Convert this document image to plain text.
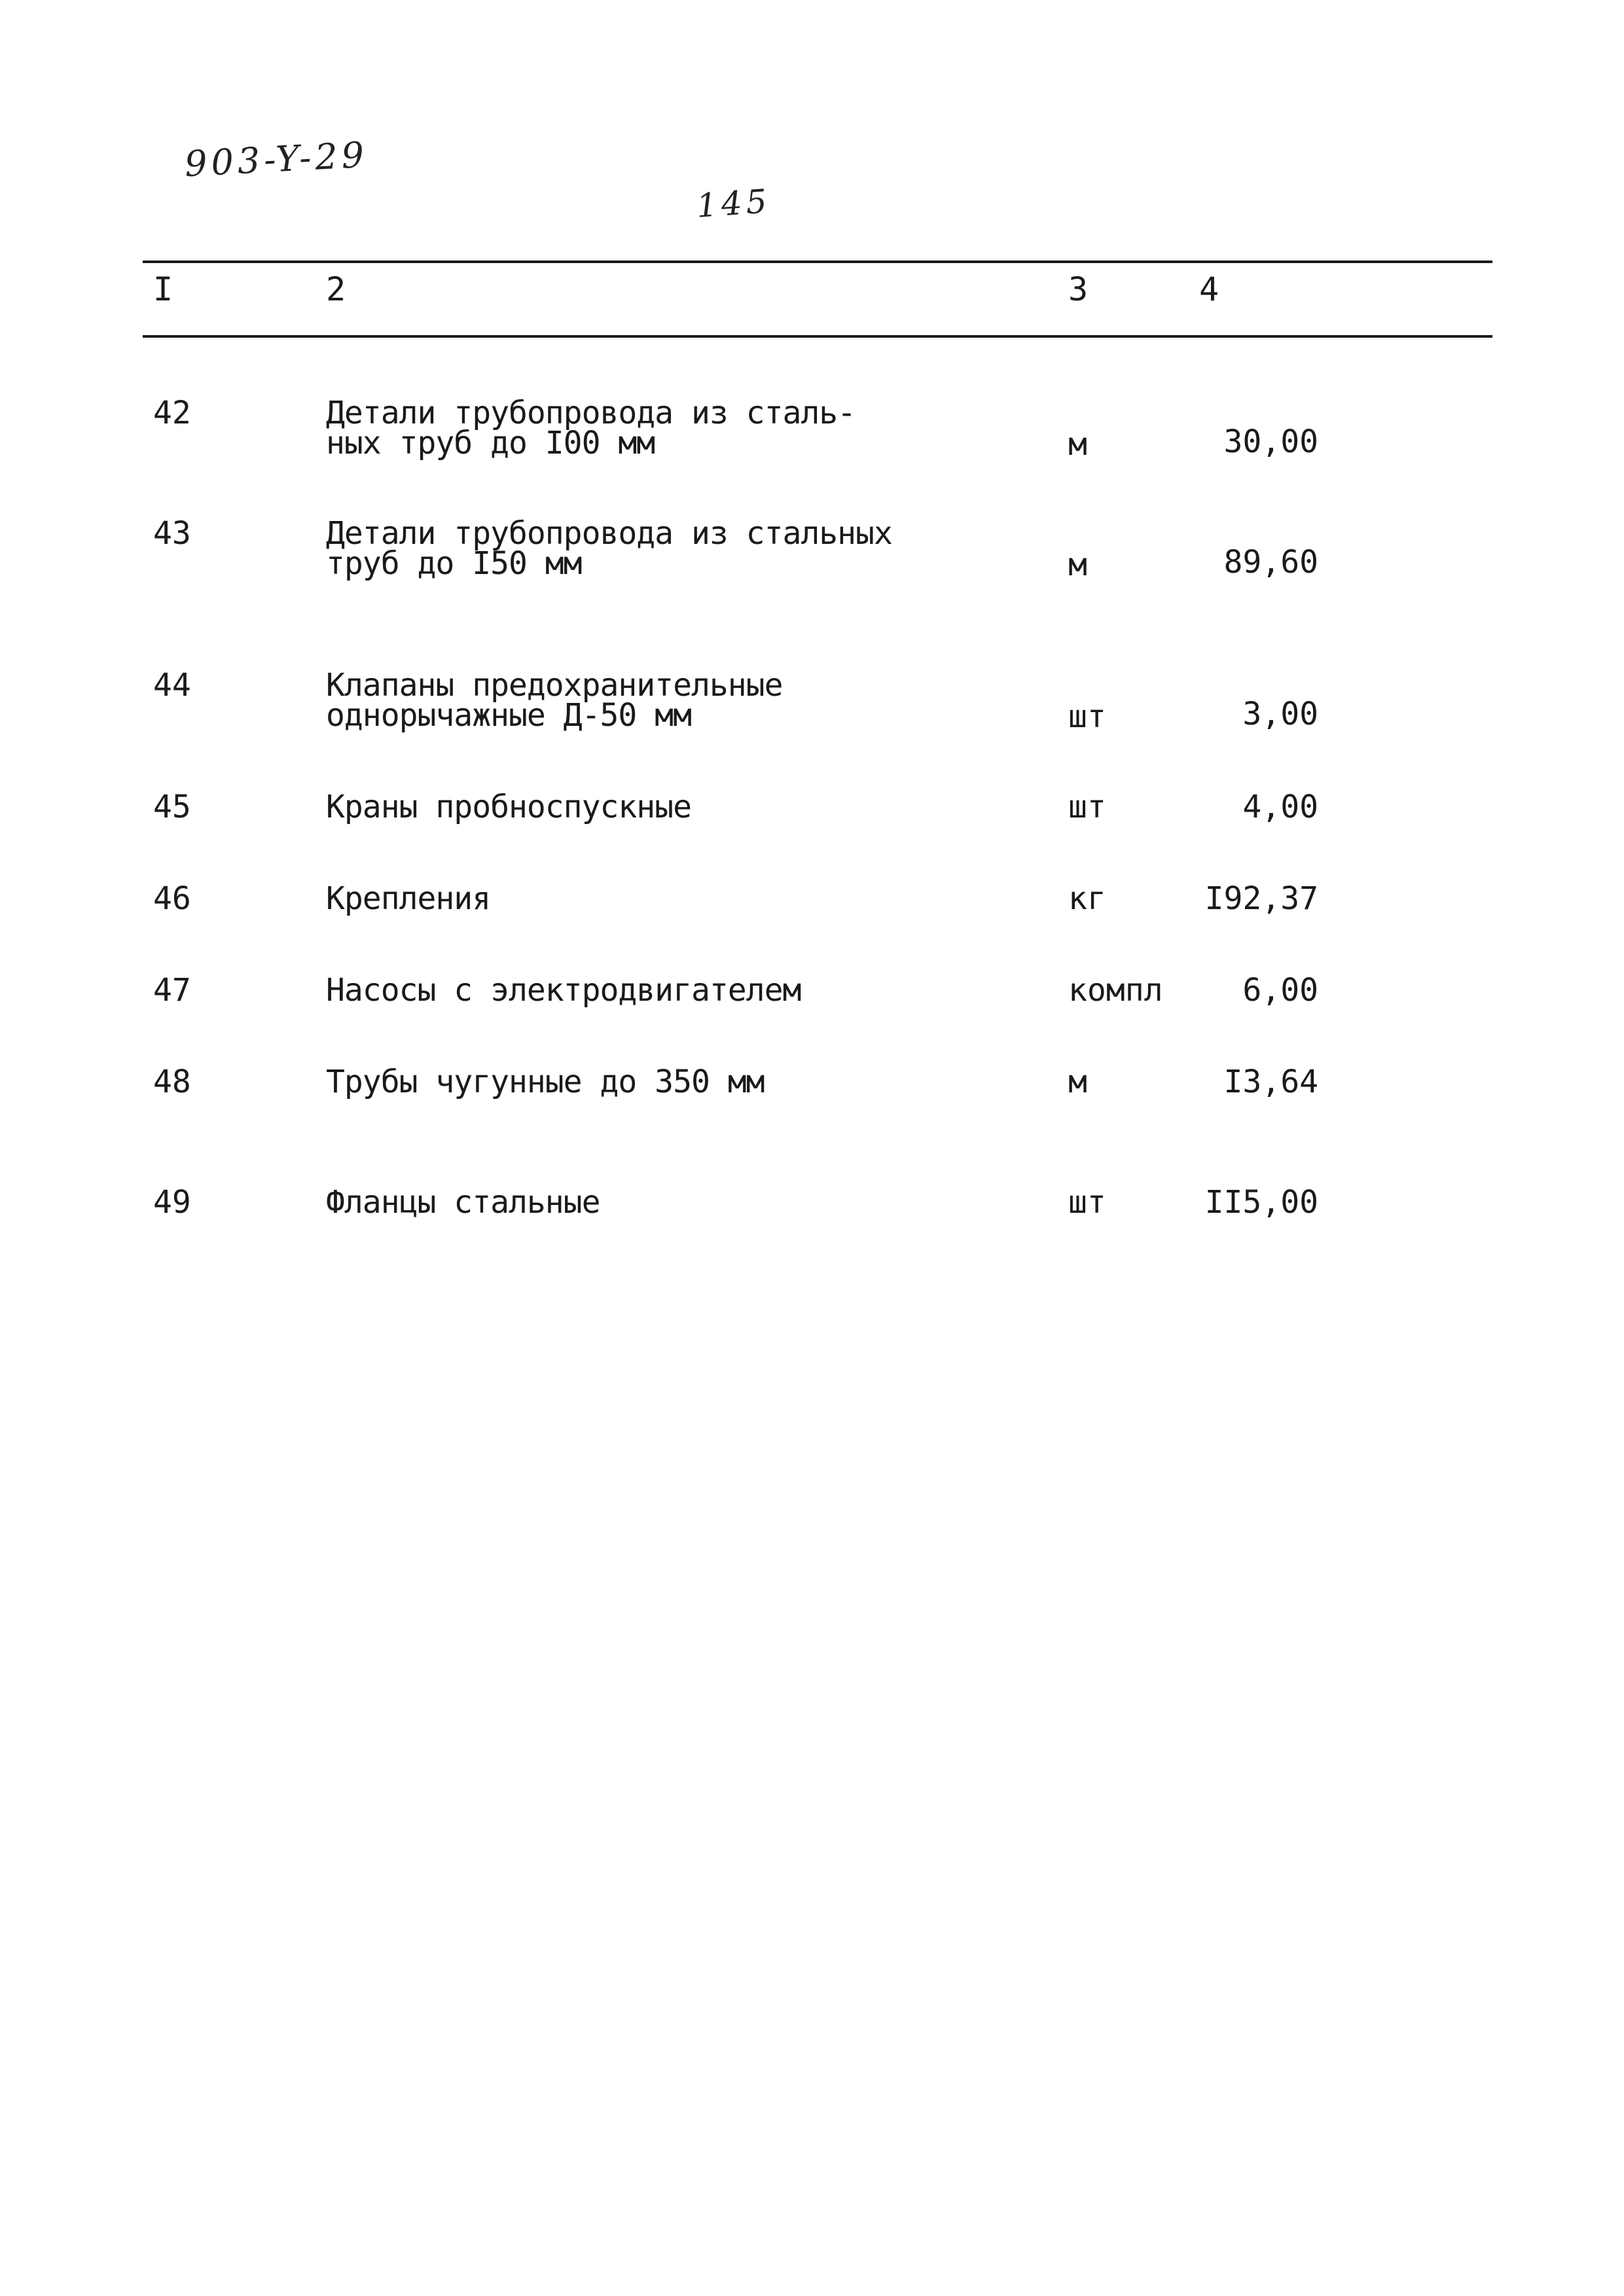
903-Y-29
145
I	2	3	4
42	Детали трубопровода из сталь-
ных труб до I00 мм	м	30,00
43	Детали трубопровода из стальных
труб до I50 мм	м	89,60
44	Клапаны предохранительные
однорычажные Д-50 мм	шт	3,00
45	Краны пробноспускные	шт	4,00
46	Крепления	кг	I92,37
47	Насосы с электродвигателем	компл	6,00
48	Трубы чугунные до 350 мм	м	I3,64
49	Фланцы стальные	шт	II5,00
